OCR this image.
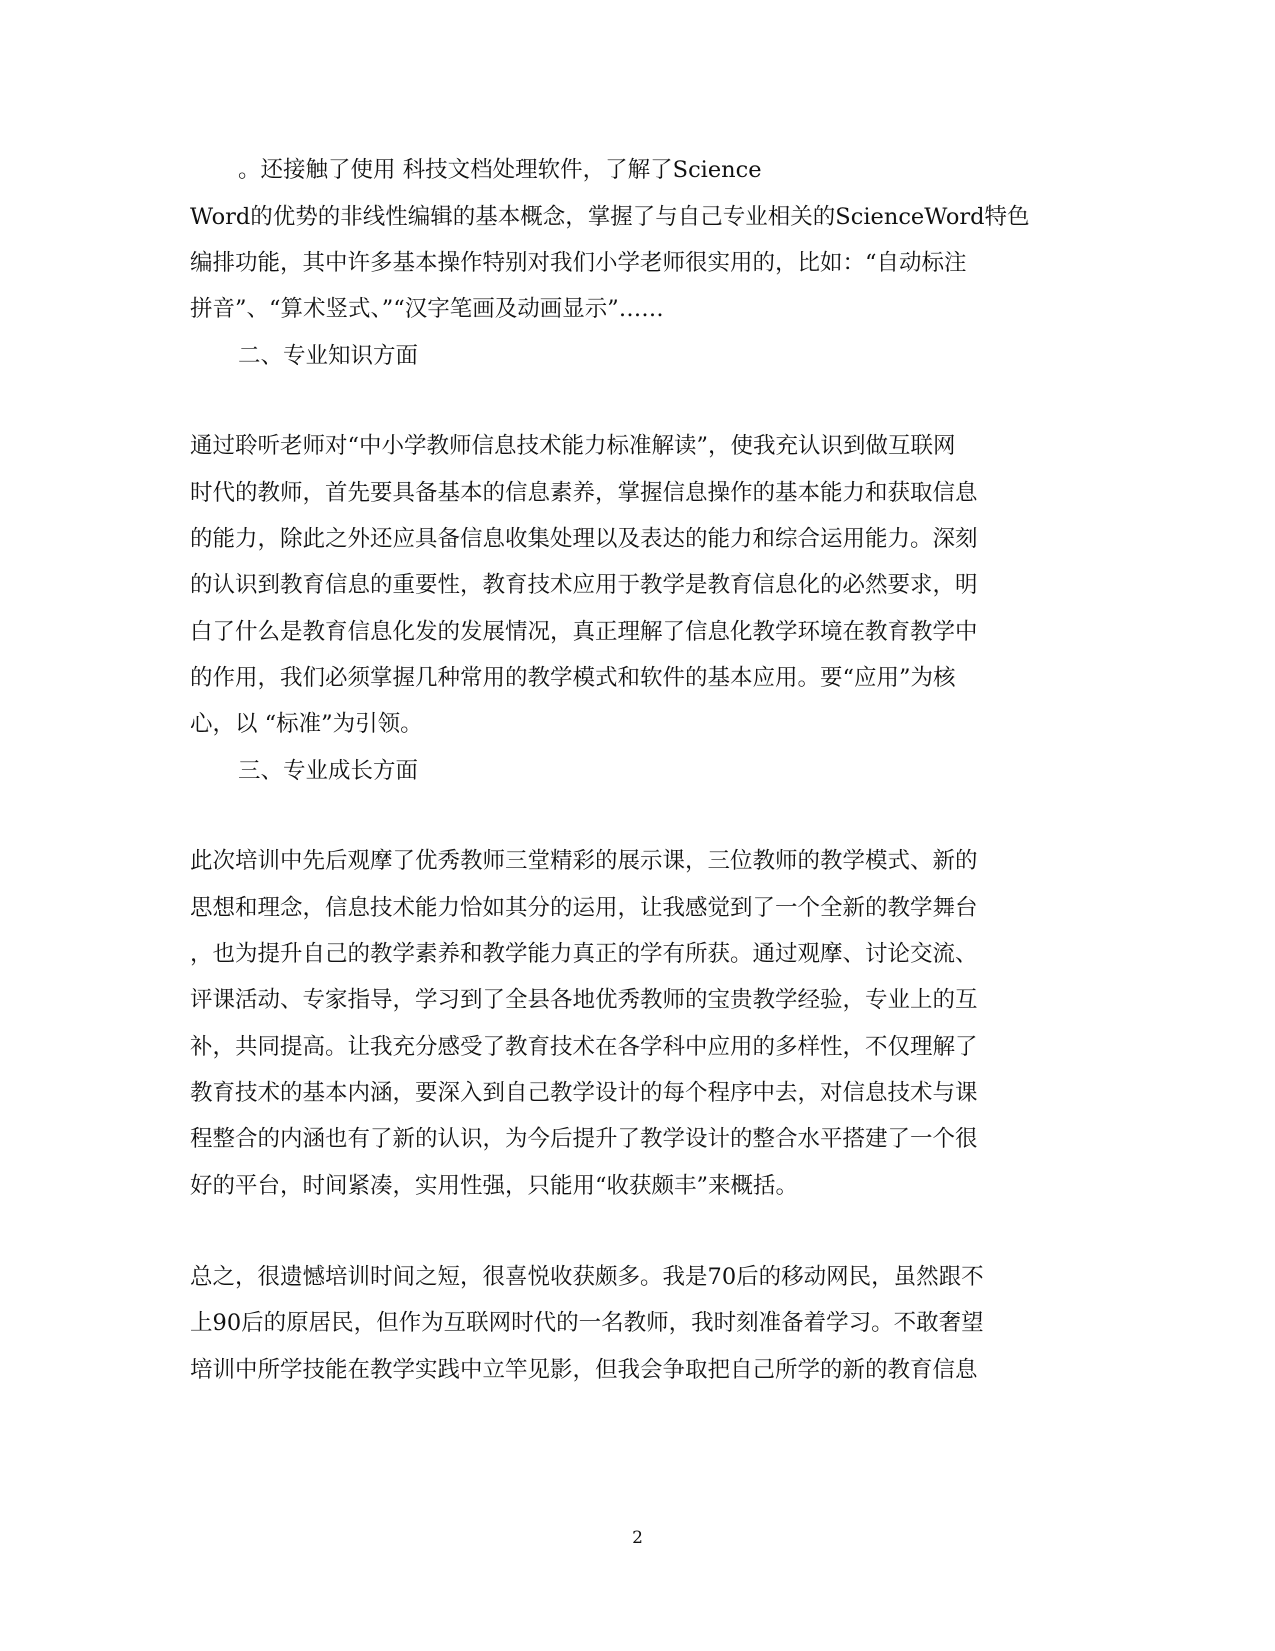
。还接触了使用 科技文档处理软件，了解了Science
Word的优势的非线性编辑的基本概念，掌握了与自己专业相关的ScienceWord特色
编排功能，其中许多基本操作特别对我们小学老师很实用的，比如：“自动标注
拼音”、“算术竖式、”“汉字笔画及动画显示”……
二、专业知识方面
通过聆听老师对“中小学教师信息技术能力标准解读”，使我充认识到做互联网
时代的教师，首先要具备基本的信息素养，掌握信息操作的基本能力和获取信息
的能力，除此之外还应具备信息收集处理以及表达的能力和综合运用能力。深刻
的认识到教育信息的重要性，教育技术应用于教学是教育信息化的必然要求，明
白了什么是教育信息化发的发展情况，真正理解了信息化教学环境在教育教学中
的作用，我们必须掌握几种常用的教学模式和软件的基本应用。要“应用”为核
心，以 “标准”为引领。
三、专业成长方面
此次培训中先后观摩了优秀教师三堂精彩的展示课，三位教师的教学模式、新的
思想和理念，信息技术能力恰如其分的运用，让我感觉到了一个全新的教学舞台
，也为提升自己的教学素养和教学能力真正的学有所获。通过观摩、讨论交流、
评课活动、专家指导，学习到了全县各地优秀教师的宝贵教学经验，专业上的互
补，共同提高。让我充分感受了教育技术在各学科中应用的多样性，不仅理解了
教育技术的基本内涵，要深入到自己教学设计的每个程序中去，对信息技术与课
程整合的内涵也有了新的认识，为今后提升了教学设计的整合水平搭建了一个很
好的平台，时间紧凑，实用性强，只能用“收获颇丰”来概括。
总之，很遗憾培训时间之短，很喜悦收获颇多。我是70后的移动网民，虽然跟不
上90后的原居民，但作为互联网时代的一名教师，我时刻准备着学习。不敢奢望
培训中所学技能在教学实践中立竿见影，但我会争取把自己所学的新的教育信息
2
